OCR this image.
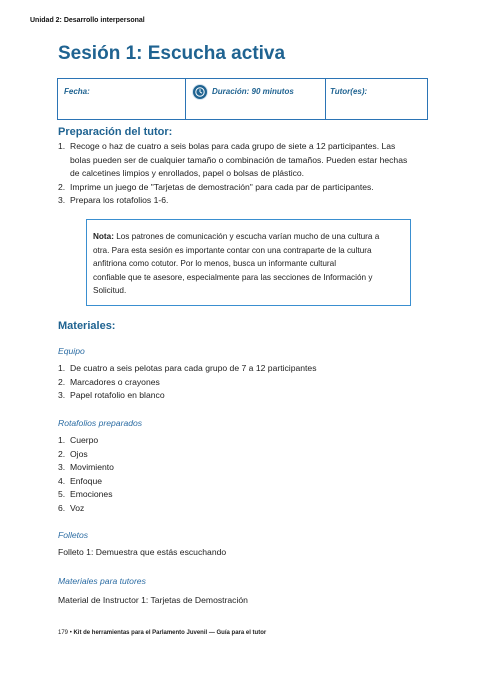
Unidad 2: Desarrollo interpersonal
Sesión 1: Escucha activa
Fecha:	Duración: 90 minutos	Tutor(es):
Preparación del tutor:
1. Recoge o haz de cuatro a seis bolas para cada grupo de siete a 12 participantes. Las
bolas pueden ser de cualquier tamaño o combinación de tamaños. Pueden estar hechas
de calcetines limpios y enrollados, papel o bolsas de plástico.
2. Imprime un juego de "Tarjetas de demostración" para cada par de participantes.
3. Prepara los rotafolios 1-6.
Nota: Los patrones de comunicación y escucha varían mucho de una cultura a
otra. Para esta sesión es importante contar con una contraparte de la cultura
anfitriona como cotutor. Por lo menos, busca un informante cultural
confiable que te asesore, especialmente para las secciones de Información y
Solicitud.
Materiales:
Equipo
1. De cuatro a seis pelotas para cada grupo de 7 a 12 participantes
2. Marcadores o crayones
3. Papel rotafolio en blanco
Rotafolios preparados
1. Cuerpo
2. Ojos
3. Movimiento
4. Enfoque
5. Emociones
6. Voz
Folletos
Folleto 1: Demuestra que estás escuchando
Materiales para tutores
Material de Instructor 1: Tarjetas de Demostración
179 • Kit de herramientas para el Parlamento Juvenil — Guía para el tutor
